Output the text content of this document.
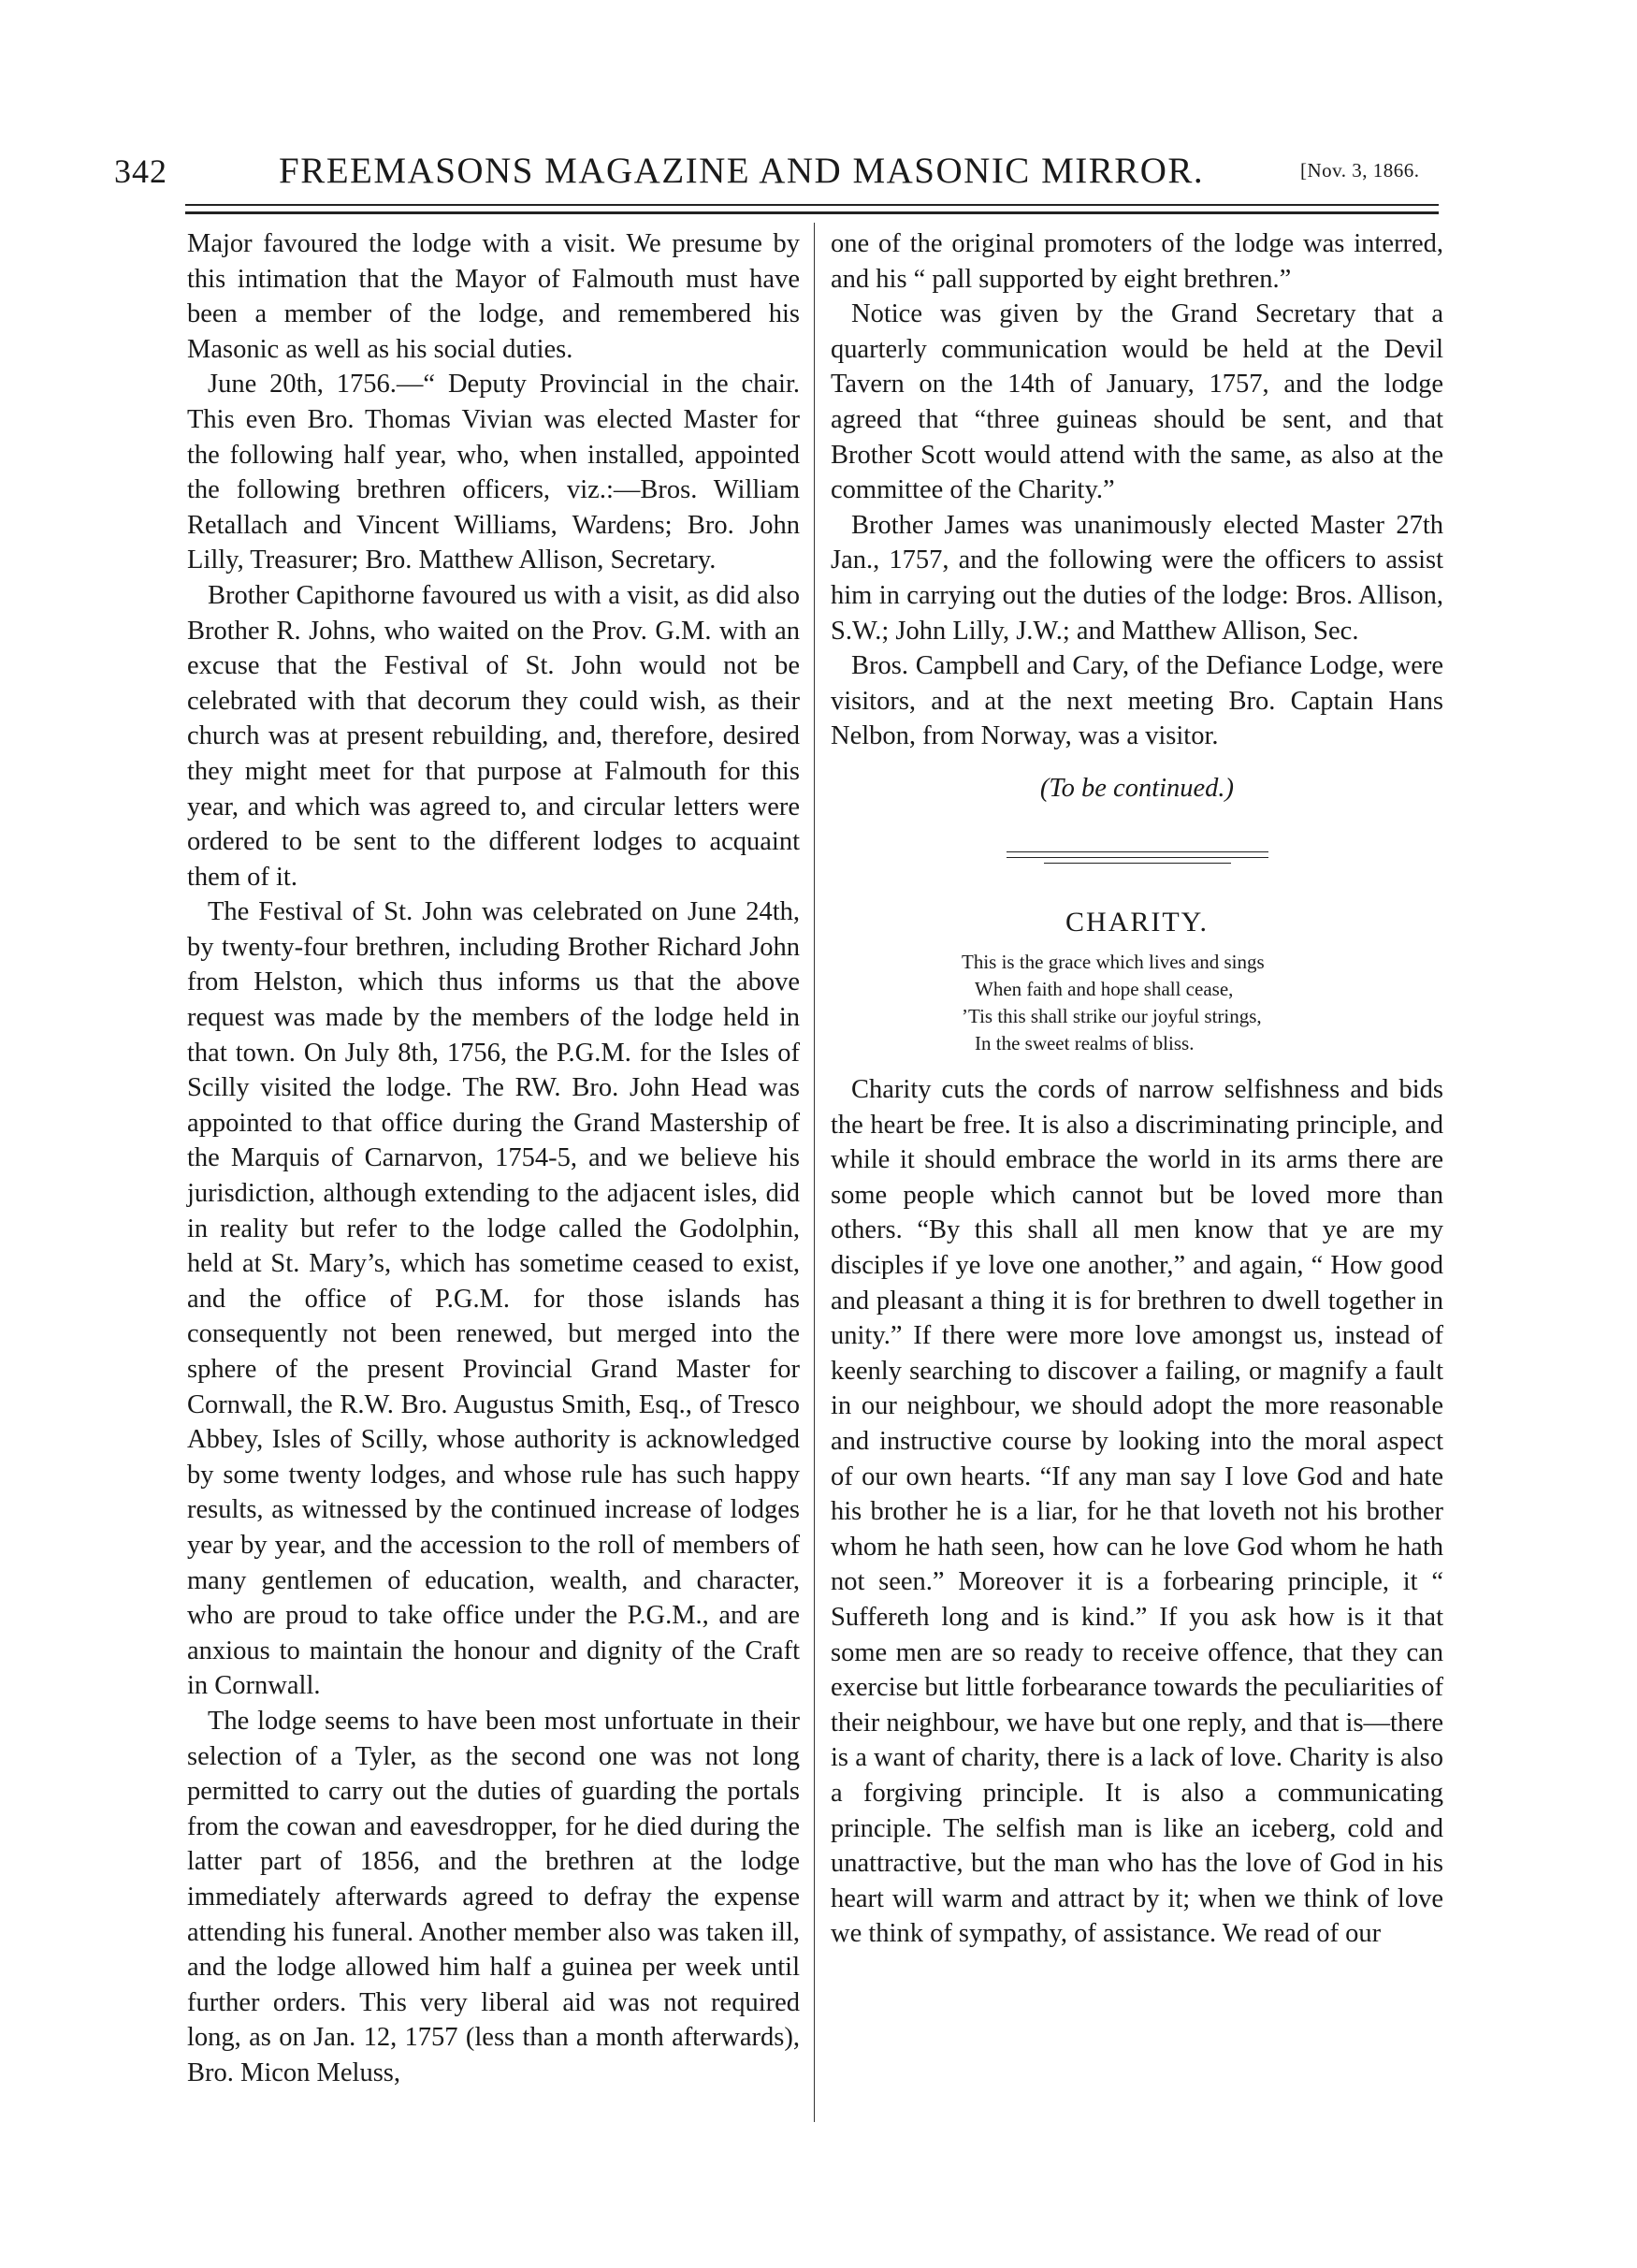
342	FREEMASONS MAGAZINE AND MASONIC MIRROR.	[Nov. 3, 1866.

Major favoured the lodge with a visit. We presume by this intimation that the Mayor of Falmouth must have been a member of the lodge, and remembered his Masonic as well as his social duties.

June 20th, 1756.—“ Deputy Provincial in the chair. This even Bro. Thomas Vivian was elected Master for the following half year, who, when installed, appointed the following brethren officers, viz.:—Bros. William Retallach and Vincent Williams, Wardens; Bro. John Lilly, Treasurer; Bro. Matthew Allison, Secretary.

Brother Capithorne favoured us with a visit, as did also Brother R. Johns, who waited on the Prov. G.M. with an excuse that the Festival of St. John would not be celebrated with that decorum they could wish, as their church was at present rebuilding, and, therefore, desired they might meet for that purpose at Falmouth for this year, and which was agreed to, and circular letters were ordered to be sent to the different lodges to acquaint them of it.

The Festival of St. John was celebrated on June 24th, by twenty-four brethren, including Brother Richard John from Helston, which thus informs us that the above request was made by the members of the lodge held in that town. On July 8th, 1756, the P.G.M. for the Isles of Scilly visited the lodge. The RW. Bro. John Head was appointed to that office during the Grand Mastership of the Marquis of Carnarvon, 1754-5, and we believe his jurisdiction, although extending to the adjacent isles, did in reality but refer to the lodge called the Godolphin, held at St. Mary’s, which has sometime ceased to exist, and the office of P.G.M. for those islands has consequently not been renewed, but merged into the sphere of the present Provincial Grand Master for Cornwall, the R.W. Bro. Augustus Smith, Esq., of Tresco Abbey, Isles of Scilly, whose authority is acknowledged by some twenty lodges, and whose rule has such happy results, as witnessed by the continued increase of lodges year by year, and the accession to the roll of members of many gentlemen of education, wealth, and character, who are proud to take office under the P.G.M., and are anxious to maintain the honour and dignity of the Craft in Cornwall.

The lodge seems to have been most unfortuate in their selection of a Tyler, as the second one was not long permitted to carry out the duties of guarding the portals from the cowan and eavesdropper, for he died during the latter part of 1856, and the brethren at the lodge immediately afterwards agreed to defray the expense attending his funeral. Another member also was taken ill, and the lodge allowed him half a guinea per week until further orders. This very liberal aid was not required long, as on Jan. 12, 1757 (less than a month afterwards), Bro. Micon Meluss,

one of the original promoters of the lodge was interred, and his “ pall supported by eight brethren.”

Notice was given by the Grand Secretary that a quarterly communication would be held at the Devil Tavern on the 14th of January, 1757, and the lodge agreed that “three guineas should be sent, and that Brother Scott would attend with the same, as also at the committee of the Charity.”

Brother James was unanimously elected Master 27th Jan., 1757, and the following were the officers to assist him in carrying out the duties of the lodge: Bros. Allison, S.W.; John Lilly, J.W.; and Matthew Allison, Sec.

Bros. Campbell and Cary, of the Defiance Lodge, were visitors, and at the next meeting Bro. Captain Hans Nelbon, from Norway, was a visitor.

(To be continued.)
CHARITY.
This is the grace which lives and sings
When faith and hope shall cease,
’Tis this shall strike our joyful strings,
In the sweet realms of bliss.

Charity cuts the cords of narrow selfishness and bids the heart be free. It is also a discriminating principle, and while it should embrace the world in its arms there are some people which cannot but be loved more than others. “By this shall all men know that ye are my disciples if ye love one another,” and again, “ How good and pleasant a thing it is for brethren to dwell together in unity.” If there were more love amongst us, instead of keenly searching to discover a failing, or magnify a fault in our neighbour, we should adopt the more reasonable and instructive course by looking into the moral aspect of our own hearts. “If any man say I love God and hate his brother he is a liar, for he that loveth not his brother whom he hath seen, how can he love God whom he hath not seen.” Moreover it is a forbearing principle, it “ Suffereth long and is kind.” If you ask how is it that some men are so ready to receive offence, that they can exercise but little forbearance towards the peculiarities of their neighbour, we have but one reply, and that is—there is a want of charity, there is a lack of love. Charity is also a forgiving principle. It is also a communicating principle. The selfish man is like an iceberg, cold and unattractive, but the man who has the love of God in his heart will warm and attract by it; when we think of love we think of sympathy, of assistance. We read of our
